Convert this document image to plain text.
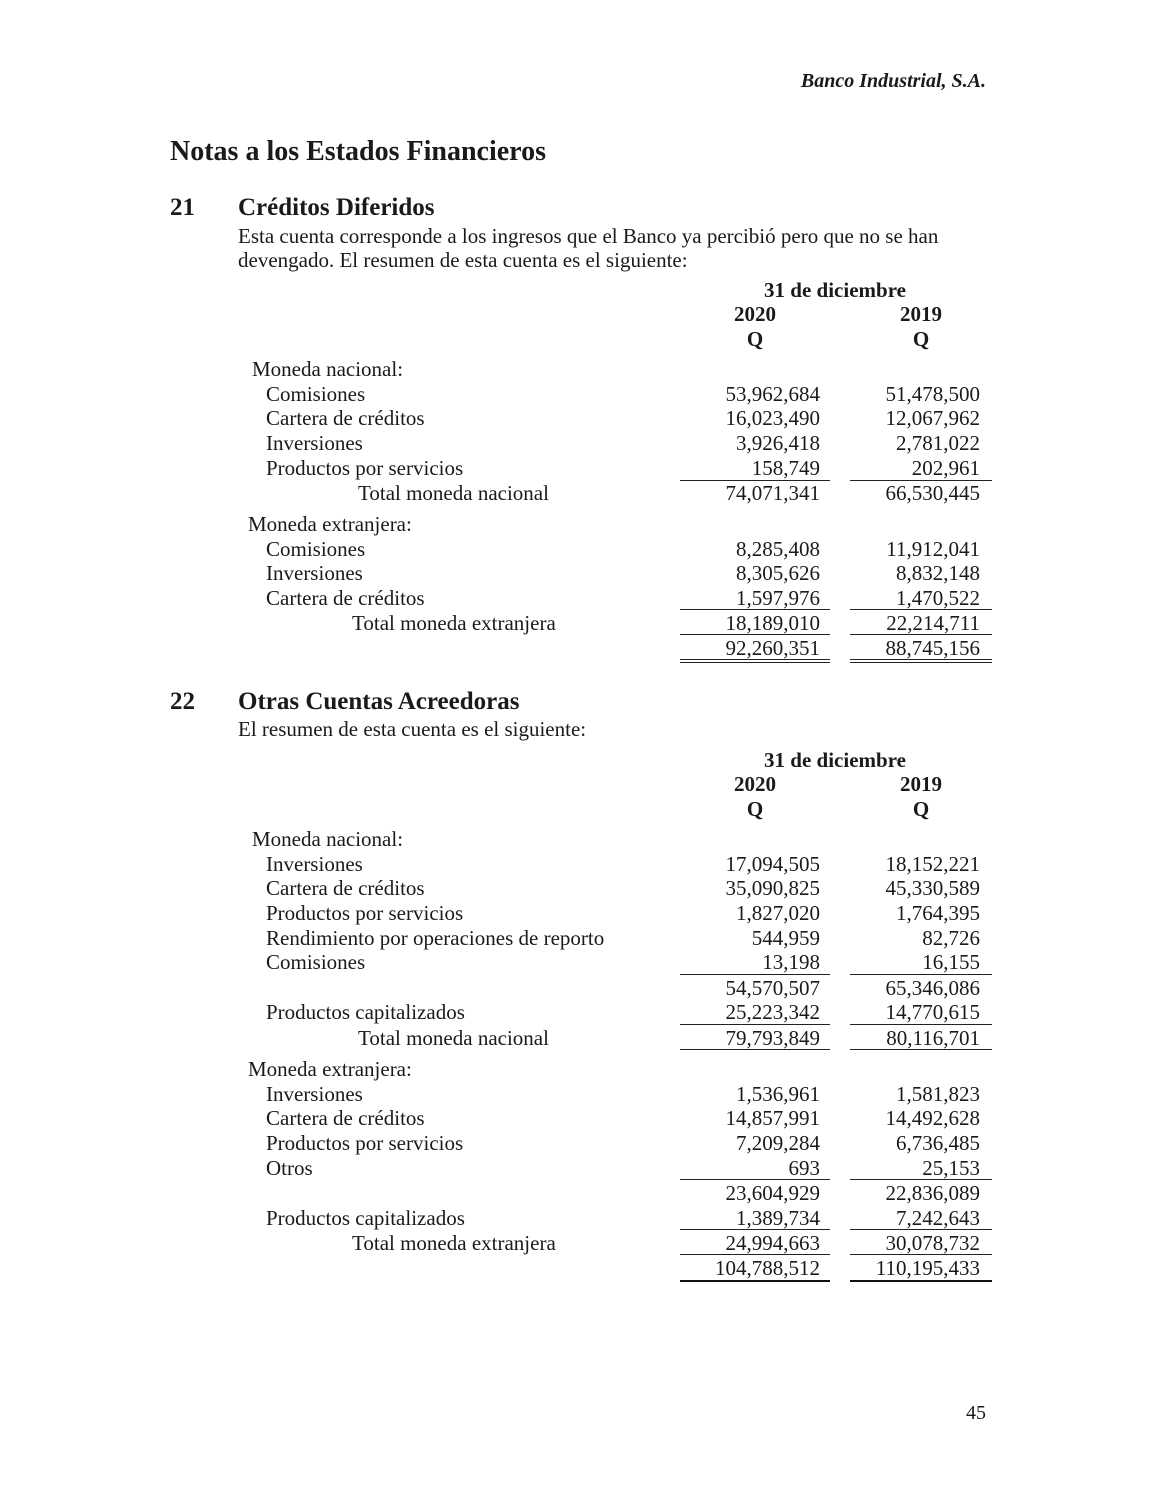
Banco Industrial, S.A.
Notas a los Estados Financieros
21 Créditos Diferidos
Esta cuenta corresponde a los ingresos que el Banco ya percibió pero que no se han
devengado. El resumen de esta cuenta es el siguiente:
31 de diciembre
2020	2019
Q	Q
Moneda nacional:
Comisiones	53,962,684	51,478,500
Cartera de créditos	16,023,490	12,067,962
Inversiones	3,926,418	2,781,022
Productos por servicios	158,749	202,961
Total moneda nacional	74,071,341	66,530,445
Moneda extranjera:
Comisiones	8,285,408	11,912,041
Inversiones	8,305,626	8,832,148
Cartera de créditos	1,597,976	1,470,522
Total moneda extranjera	18,189,010	22,214,711
92,260,351	88,745,156
22 Otras Cuentas Acreedoras
El resumen de esta cuenta es el siguiente:
31 de diciembre
2020	2019
Q	Q
Moneda nacional:
Inversiones	17,094,505	18,152,221
Cartera de créditos	35,090,825	45,330,589
Productos por servicios	1,827,020	1,764,395
Rendimiento por operaciones de reporto	544,959	82,726
Comisiones	13,198	16,155
54,570,507	65,346,086
Productos capitalizados	25,223,342	14,770,615
Total moneda nacional	79,793,849	80,116,701
Moneda extranjera:
Inversiones	1,536,961	1,581,823
Cartera de créditos	14,857,991	14,492,628
Productos por servicios	7,209,284	6,736,485
Otros	693	25,153
23,604,929	22,836,089
Productos capitalizados	1,389,734	7,242,643
Total moneda extranjera	24,994,663	30,078,732
104,788,512	110,195,433
45
